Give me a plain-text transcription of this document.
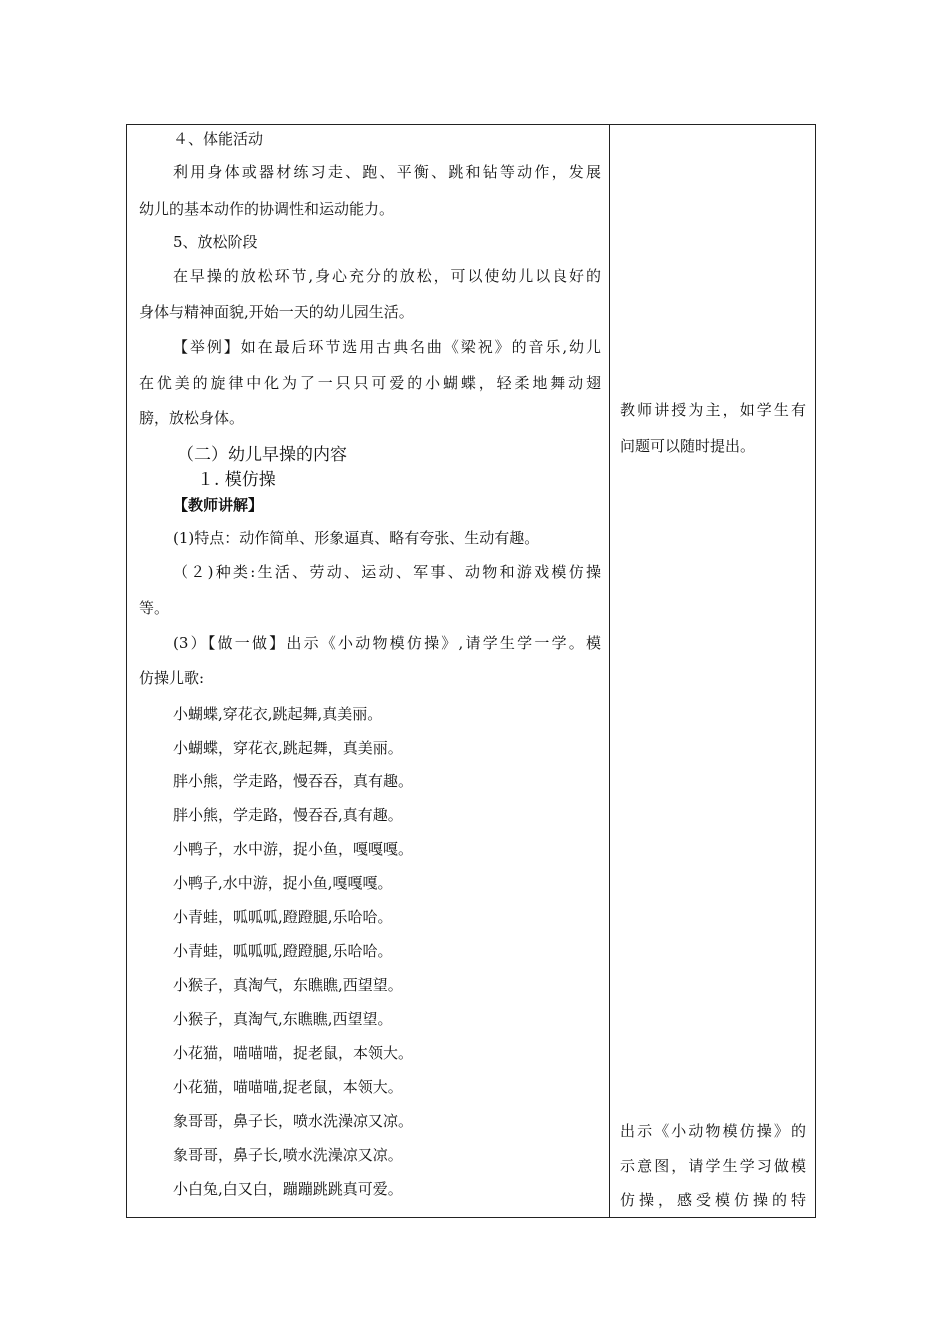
４、体能活动
利用身体或器材练习走、跑、平衡、跳和钻等动作，发展
幼儿的基本动作的协调性和运动能力。
5、放松阶段
在早操的放松环节,身心充分的放松，可以使幼儿以良好的
身体与精神面貌,开始一天的幼儿园生活。
【举例】如在最后环节选用古典名曲《梁祝》的音乐,幼儿
在优美的旋律中化为了一只只可爱的小蝴蝶，轻柔地舞动翅
膀，放松身体。
（二）幼儿早操的内容
１. 模仿操
【教师讲解】
(1)特点：动作简单、形象逼真、略有夸张、生动有趣。
（２)种类:生活、劳动、运动、军事、动物和游戏模仿操
等。
(3）【做一做】出示《小动物模仿操》,请学生学一学。模
仿操儿歌:
小蝴蝶,穿花衣,跳起舞,真美丽。
小蝴蝶，穿花衣,跳起舞，真美丽。
胖小熊，学走路，慢吞吞，真有趣。
胖小熊，学走路，慢吞吞,真有趣。
小鸭子，水中游，捉小鱼，嘎嘎嘎。
小鸭子,水中游，捉小鱼,嘎嘎嘎。
小青蛙，呱呱呱,蹬蹬腿,乐哈哈。
小青蛙，呱呱呱,蹬蹬腿,乐哈哈。
小猴子，真淘气，东瞧瞧,西望望。
小猴子，真淘气,东瞧瞧,西望望。
小花猫，喵喵喵，捉老鼠，本领大。
小花猫，喵喵喵,捉老鼠，本领大。
象哥哥，鼻子长，喷水洗澡凉又凉。
象哥哥，鼻子长,喷水洗澡凉又凉。
小白兔,白又白，蹦蹦跳跳真可爱。
教师讲授为主，如学生有
问题可以随时提出。
出示《小动物模仿操》的
示意图，请学生学习做模
仿操，感受模仿操的特
